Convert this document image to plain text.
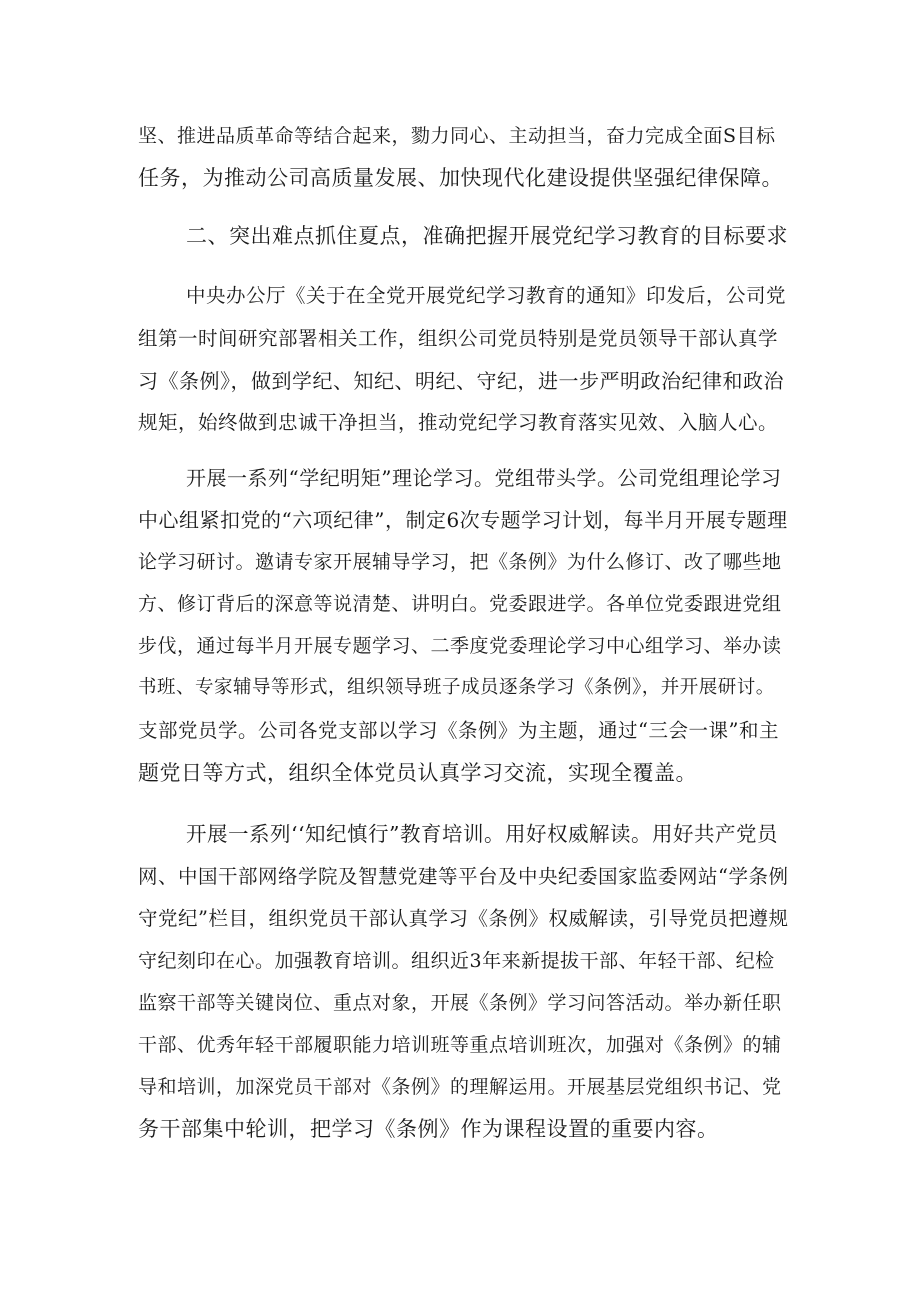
坚、推进品质革命等结合起来，勠力同心、主动担当，奋力完成全面S目标
任务，为推动公司高质量发展、加快现代化建设提供坚强纪律保障。
二、突出难点抓住夏点，准确把握开展党纪学习教育的目标要求
中央办公厅《关于在全党开展党纪学习教育的通知》印发后，公司党
组第一时间研究部署相关工作，组织公司党员特别是党员领导干部认真学
习《条例》，做到学纪、知纪、明纪、守纪，进一步严明政治纪律和政治
规矩，始终做到忠诚干净担当，推动党纪学习教育落实见效、入脑人心。
开展一系列“学纪明矩”理论学习。党组带头学。公司党组理论学习
中心组紧扣党的“六项纪律”，制定6次专题学习计划，每半月开展专题理
论学习研讨。邀请专家开展辅导学习，把《条例》为什么修订、改了哪些地
方、修订背后的深意等说清楚、讲明白。党委跟进学。各单位党委跟进党组
步伐，通过每半月开展专题学习、二季度党委理论学习中心组学习、举办读
书班、专家辅导等形式，组织领导班子成员逐条学习《条例》，并开展研讨。
支部党员学。公司各党支部以学习《条例》为主题，通过“三会一课”和主
题党日等方式，组织全体党员认真学习交流，实现全覆盖。
开展一系列‘‘知纪慎行”教育培训。用好权威解读。用好共产党员
网、中国干部网络学院及智慧党建等平台及中央纪委国家监委网站“学条例
守党纪”栏目，组织党员干部认真学习《条例》权威解读，引导党员把遵规
守纪刻印在心。加强教育培训。组织近3年来新提拔干部、年轻干部、纪检
监察干部等关键岗位、重点对象，开展《条例》学习问答活动。举办新任职
干部、优秀年轻干部履职能力培训班等重点培训班次，加强对《条例》的辅
导和培训，加深党员干部对《条例》的理解运用。开展基层党组织书记、党
务干部集中轮训，把学习《条例》作为课程设置的重要内容。
